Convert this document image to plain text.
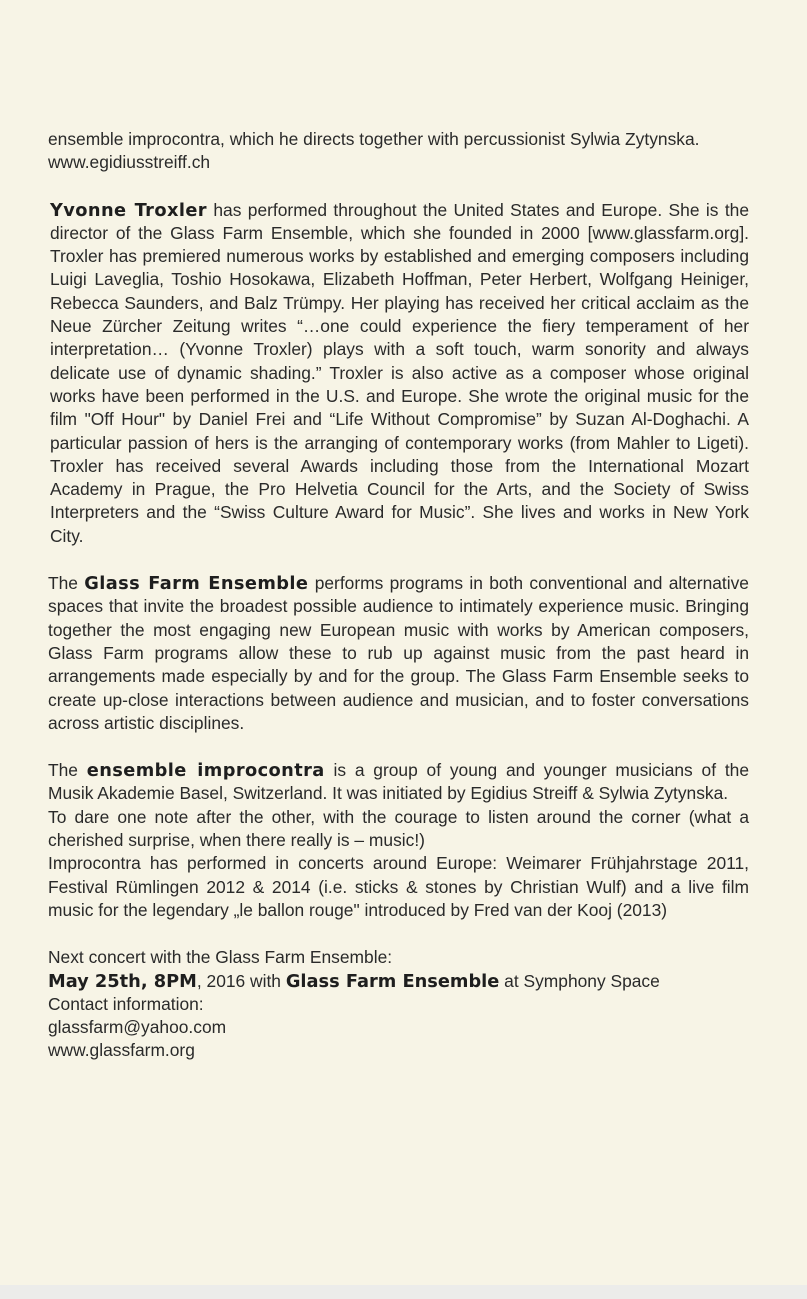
ensemble improcontra, which he directs together with percussionist Sylwia Zytynska.

www.egidiusstreiff.ch

Yvonne Troxler has performed throughout the United States and Europe. She is the director of the Glass Farm Ensemble, which she founded in 2000 [www.glassfarm.org]. Troxler has premiered numerous works by established and emerging composers including Luigi Laveglia, Toshio Hosokawa, Elizabeth Hoffman, Peter Herbert, Wolfgang Heiniger, Rebecca Saunders, and Balz Trümpy. Her playing has received her critical acclaim as the Neue Zürcher Zeitung writes “…one could experience the fiery temperament of her interpretation… (Yvonne Troxler) plays with a soft touch, warm sonority and always delicate use of dynamic shading.” Troxler is also active as a composer whose original works have been performed in the U.S. and Europe. She wrote the original music for the film "Off Hour" by Daniel Frei and “Life Without Compromise” by Suzan Al-Doghachi. A particular passion of hers is the arranging of contemporary works (from Mahler to Ligeti). Troxler has received several Awards including those from the International Mozart Academy in Prague, the Pro Helvetia Council for the Arts, and the Society of Swiss Interpreters and the “Swiss Culture Award for Music”. She lives and works in New York City.

The Glass Farm Ensemble performs programs in both conventional and alternative spaces that invite the broadest possible audience to intimately experience music. Bringing together the most engaging new European music with works by American composers, Glass Farm programs allow these to rub up against music from the past heard in arrangements made especially by and for the group. The Glass Farm Ensemble seeks to create up-close interactions between audience and musician, and to foster conversations across artistic disciplines.

The ensemble improcontra is a group of young and younger musicians of the Musik Akademie Basel, Switzerland. It was initiated by Egidius Streiff & Sylwia Zytynska.

To dare one note after the other, with the courage to listen around the corner (what a cherished surprise, when there really is – music!)

Improcontra has performed in concerts around Europe: Weimarer Frühjahrstage 2011, Festival Rümlingen 2012 & 2014 (i.e. sticks & stones by Christian Wulf) and a live film music for the legendary „le ballon rouge" introduced by Fred van der Kooj (2013)

Next concert with the Glass Farm Ensemble:

May 25th, 8PM, 2016 with Glass Farm Ensemble at Symphony Space

Contact information:

glassfarm@yahoo.com

www.glassfarm.org
